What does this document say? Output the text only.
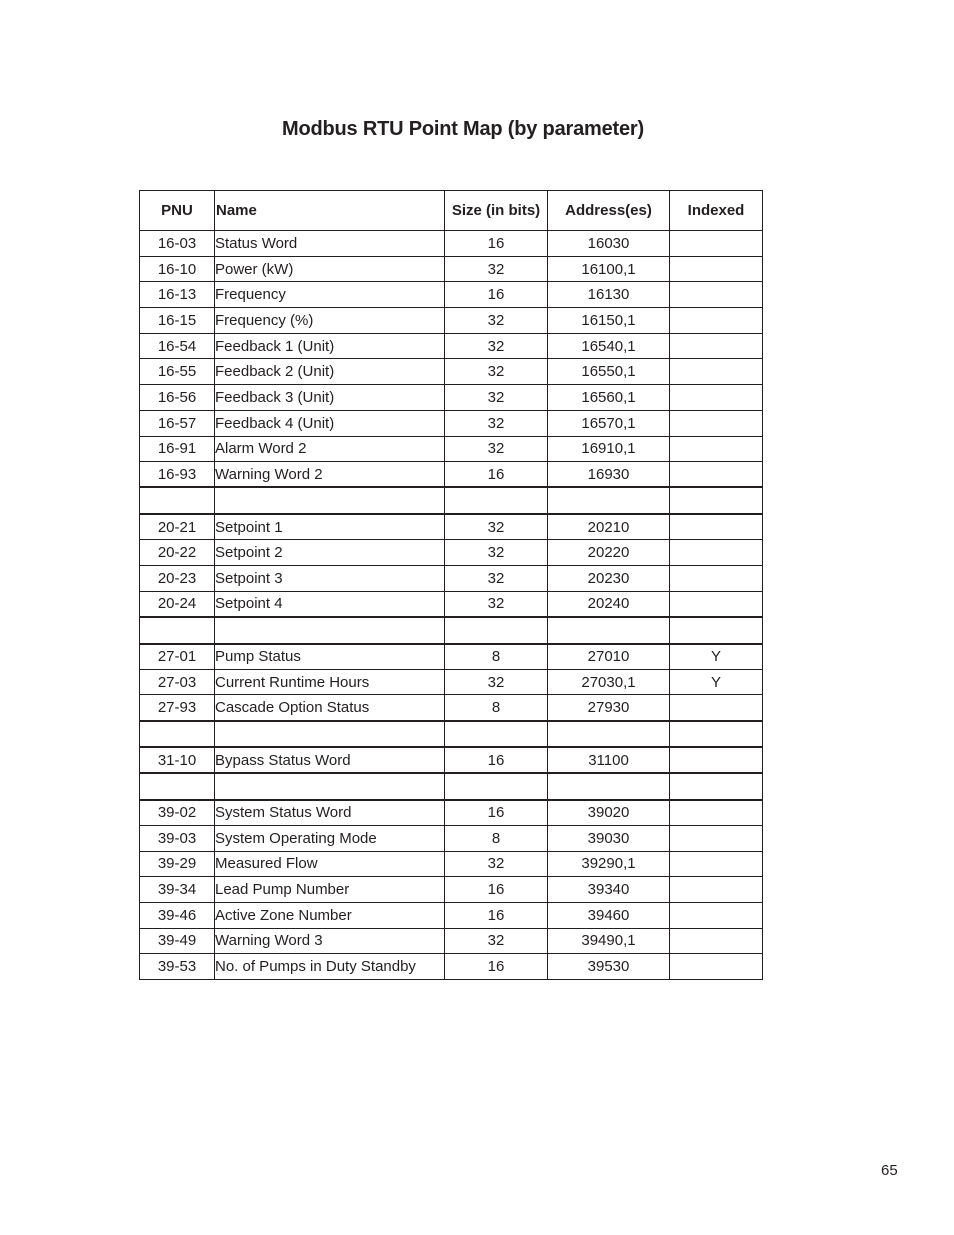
Modbus RTU Point Map (by parameter)
PNU	Name	Size (in bits)	Address(es)	Indexed
16-03	Status Word	16	16030	
16-10	Power (kW)	32	16100,1	
16-13	Frequency	16	16130	
16-15	Frequency (%)	32	16150,1	
16-54	Feedback 1 (Unit)	32	16540,1	
16-55	Feedback 2 (Unit)	32	16550,1	
16-56	Feedback 3 (Unit)	32	16560,1	
16-57	Feedback 4 (Unit)	32	16570,1	
16-91	Alarm Word 2	32	16910,1	
16-93	Warning Word 2	16	16930	

20-21	Setpoint 1	32	20210	
20-22	Setpoint 2	32	20220	
20-23	Setpoint 3	32	20230	
20-24	Setpoint 4	32	20240	

27-01	Pump Status	8	27010	Y
27-03	Current Runtime Hours	32	27030,1	Y
27-93	Cascade Option Status	8	27930	

31-10	Bypass Status Word	16	31100	

39-02	System Status Word	16	39020	
39-03	System Operating Mode	8	39030	
39-29	Measured Flow	32	39290,1	
39-34	Lead Pump Number	16	39340	
39-46	Active Zone Number	16	39460	
39-49	Warning Word 3	32	39490,1	
39-53	No. of Pumps in Duty Standby	16	39530	
65
